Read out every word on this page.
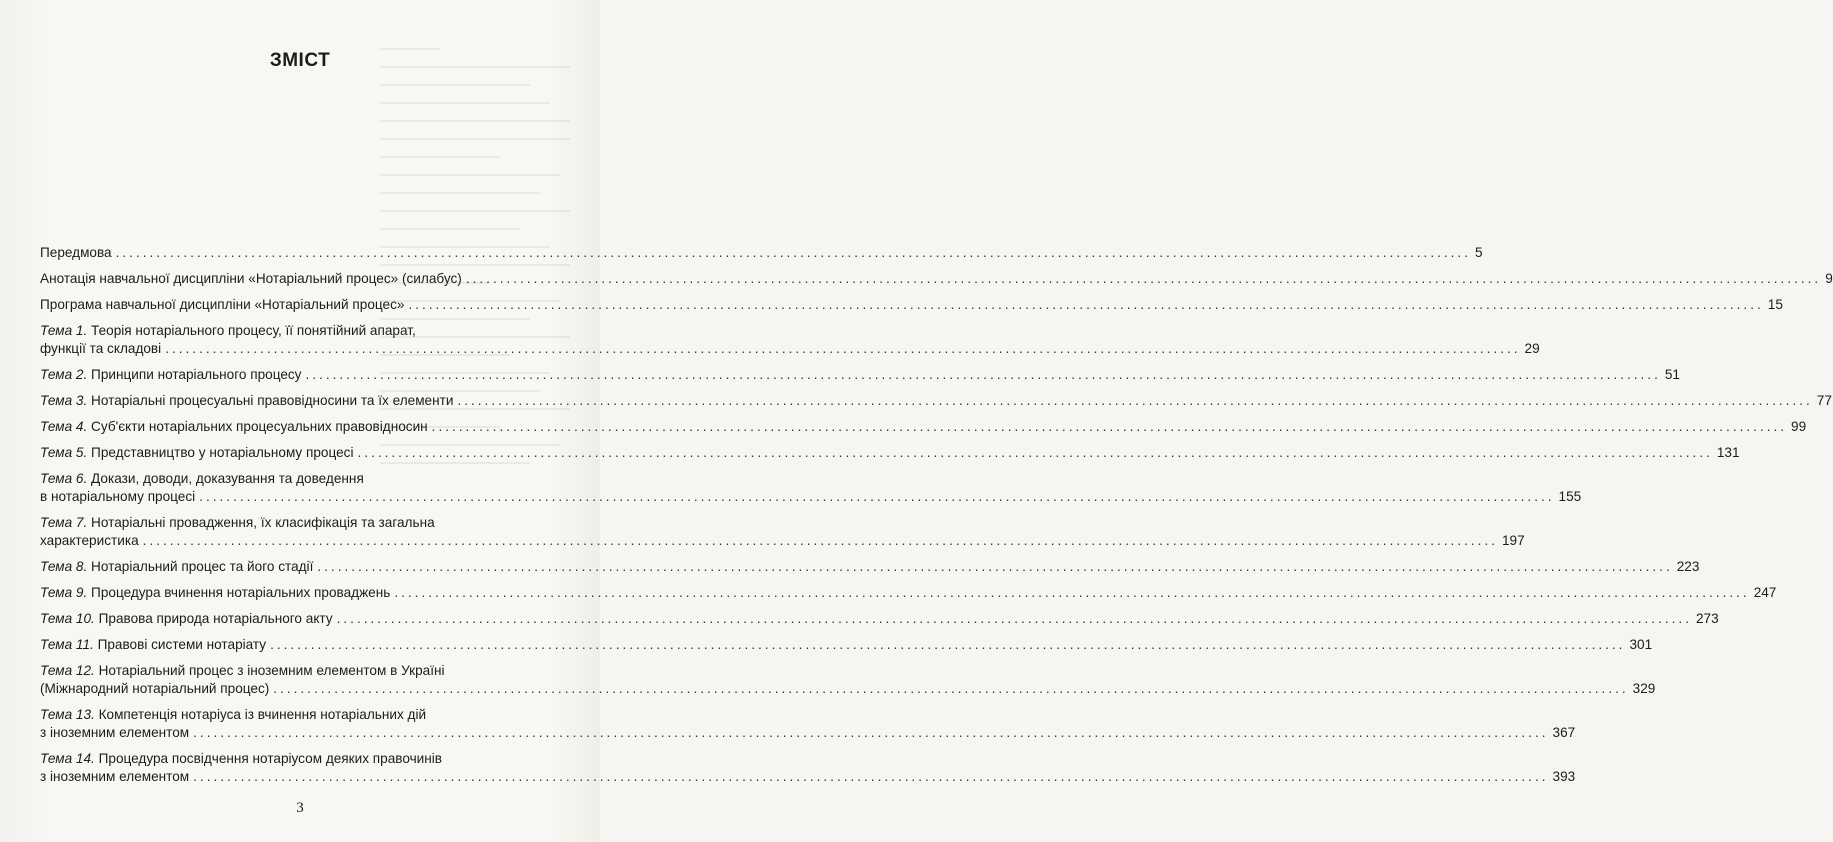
ЗМІСТ
Передмова ........................................................................................................................................................................................................ 5
Анотація навчальної дисципліни «Нотаріальний процес» (силабус) ........................................................................................................................................................................................................ 9
Програма навчальної дисципліни «Нотаріальний процес» ........................................................................................................................................................................................................ 15
Тема 1. Теорія нотаріального процесу, її понятійний апарат,
функції та складові ........................................................................................................................................................................................................ 29
Тема 2. Принципи нотаріального процесу ........................................................................................................................................................................................................ 51
Тема 3. Нотаріальні процесуальні правовідносини та їх елементи ........................................................................................................................................................................................................ 77
Тема 4. Суб'єкти нотаріальних процесуальних правовідносин ........................................................................................................................................................................................................ 99
Тема 5. Представництво у нотаріальному процесі ........................................................................................................................................................................................................ 131
Тема 6. Докази, доводи, доказування та доведення
в нотаріальному процесі ........................................................................................................................................................................................................ 155
Тема 7. Нотаріальні провадження, їх класифікація та загальна
характеристика ........................................................................................................................................................................................................ 197
Тема 8. Нотаріальний процес та його стадії ........................................................................................................................................................................................................ 223
Тема 9. Процедура вчинення нотаріальних проваджень ........................................................................................................................................................................................................ 247
Тема 10. Правова природа нотаріального акту ........................................................................................................................................................................................................ 273
Тема 11. Правові системи нотаріату ........................................................................................................................................................................................................ 301
Тема 12. Нотаріальний процес з іноземним елементом в Україні
(Міжнародний нотаріальний процес) ........................................................................................................................................................................................................ 329
Тема 13. Компетенція нотаріуса із вчинення нотаріальних дій
з іноземним елементом ........................................................................................................................................................................................................ 367
Тема 14. Процедура посвідчення нотаріусом деяких правочинів
з іноземним елементом ........................................................................................................................................................................................................ 393
3
